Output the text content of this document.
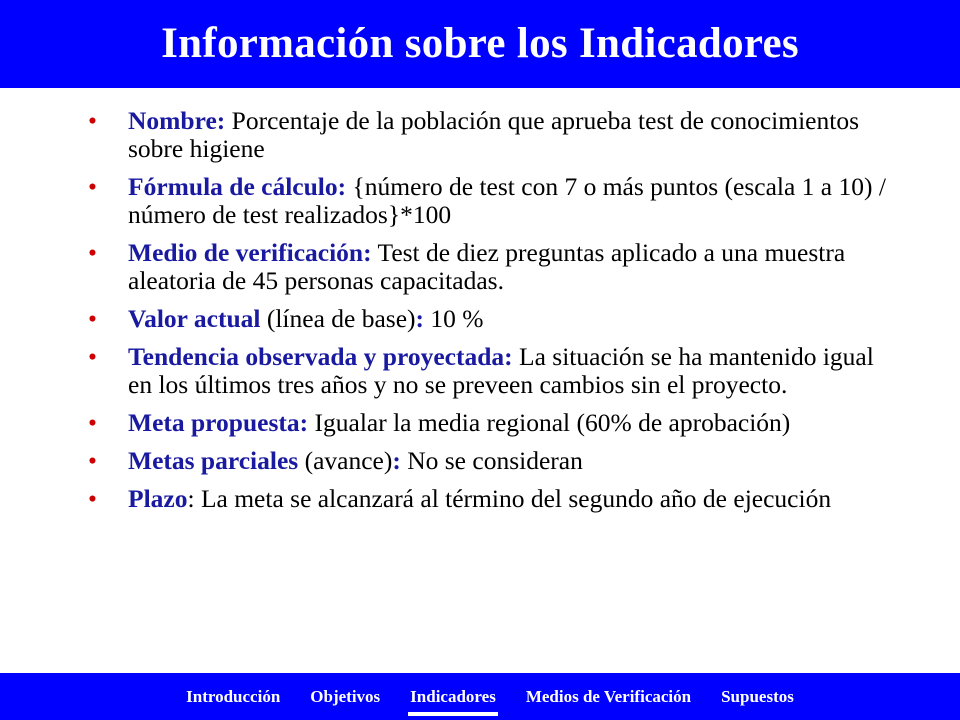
Información sobre los Indicadores
• Nombre: Porcentaje de la población que aprueba test de conocimientos sobre higiene
• Fórmula de cálculo: {número de test con 7 o más puntos (escala 1 a 10) / número de test realizados}*100
• Medio de verificación: Test de diez preguntas aplicado a una muestra aleatoria de 45 personas capacitadas.
• Valor actual (línea de base): 10 %
• Tendencia observada y proyectada: La situación se ha mantenido igual en los últimos tres años y no se preveen cambios sin el proyecto.
• Meta propuesta: Igualar la media regional (60% de aprobación)
• Metas parciales (avance): No se consideran
• Plazo: La meta se alcanzará al término del segundo año de ejecución
Introducción Objetivos Indicadores Medios de Verificación Supuestos
